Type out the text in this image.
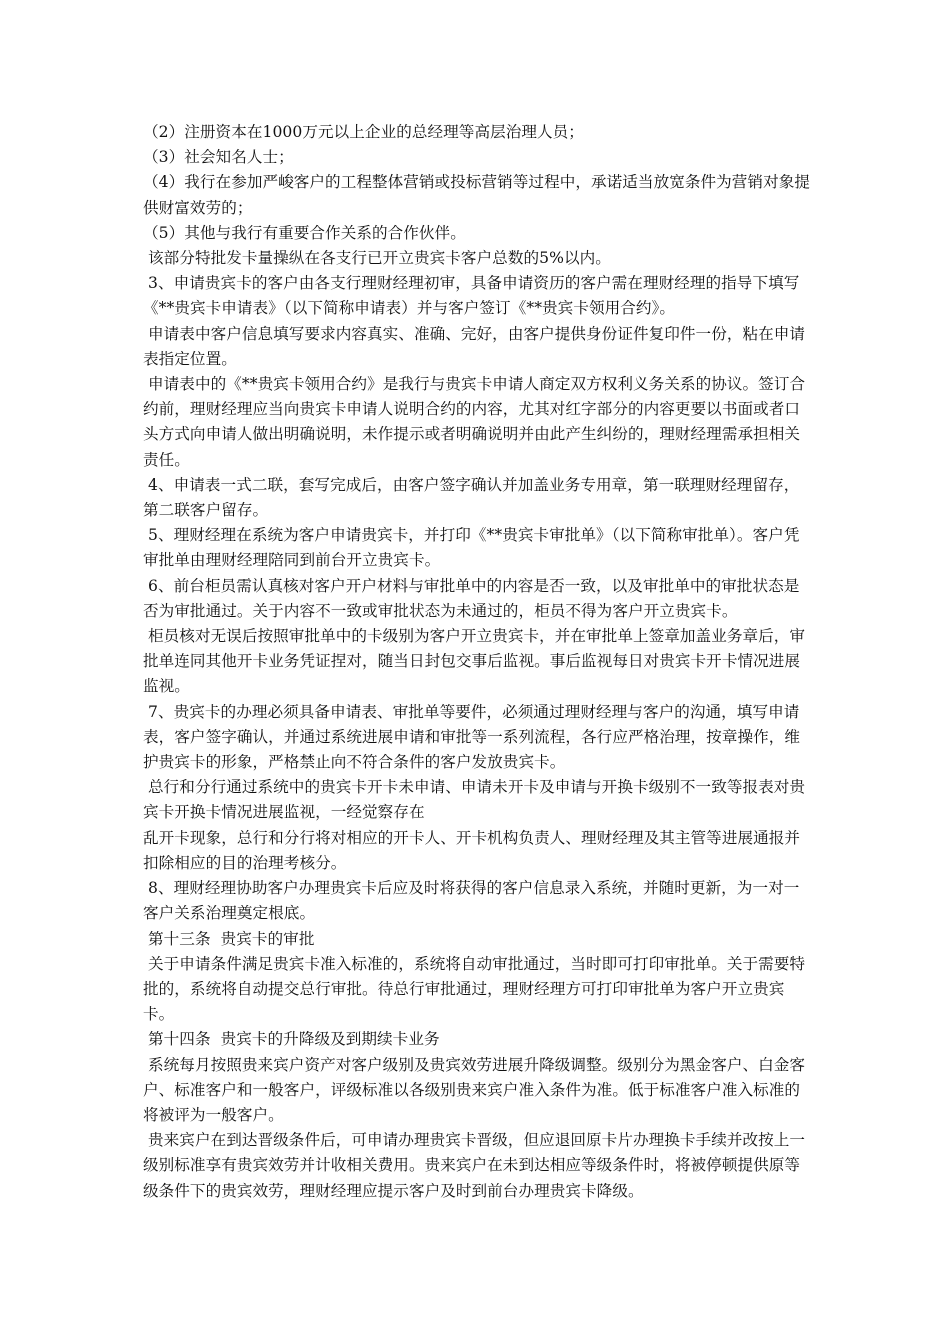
（2）注册资本在1000万元以上企业的总经理等高层治理人员；

（3）社会知名人士；

（4）我行在参加严峻客户的工程整体营销或投标营销等过程中，承诺适当放宽条件为营销对象提供财富效劳的；

（5）其他与我行有重要合作关系的合作伙伴。

该部分特批发卡量操纵在各支行已开立贵宾卡客户总数的5%以内。

3、申请贵宾卡的客户由各支行理财经理初审，具备申请资历的客户需在理财经理的指导下填写《**贵宾卡申请表》（以下简称申请表）并与客户签订《**贵宾卡领用合约》。

申请表中客户信息填写要求内容真实、准确、完好，由客户提供身份证件复印件一份，粘在申请表指定位置。

申请表中的《**贵宾卡领用合约》是我行与贵宾卡申请人商定双方权利义务关系的协议。签订合约前，理财经理应当向贵宾卡申请人说明合约的内容，尤其对红字部分的内容更要以书面或者口头方式向申请人做出明确说明，未作提示或者明确说明并由此产生纠纷的，理财经理需承担相关责任。

4、申请表一式二联，套写完成后，由客户签字确认并加盖业务专用章，第一联理财经理留存，第二联客户留存。

5、理财经理在系统为客户申请贵宾卡，并打印《**贵宾卡审批单》（以下简称审批单）。客户凭审批单由理财经理陪同到前台开立贵宾卡。

6、前台柜员需认真核对客户开户材料与审批单中的内容是否一致，以及审批单中的审批状态是否为审批通过。关于内容不一致或审批状态为未通过的，柜员不得为客户开立贵宾卡。

柜员核对无误后按照审批单中的卡级别为客户开立贵宾卡，并在审批单上签章加盖业务章后，审批单连同其他开卡业务凭证捏对，随当日封包交事后监视。事后监视每日对贵宾卡开卡情况进展监视。

7、贵宾卡的办理必须具备申请表、审批单等要件，必须通过理财经理与客户的沟通，填写申请表，客户签字确认，并通过系统进展申请和审批等一系列流程，各行应严格治理，按章操作，维护贵宾卡的形象，严格禁止向不符合条件的客户发放贵宾卡。

总行和分行通过系统中的贵宾卡开卡未申请、申请未开卡及申请与开换卡级别不一致等报表对贵宾卡开换卡情况进展监视，一经觉察存在

乱开卡现象，总行和分行将对相应的开卡人、开卡机构负责人、理财经理及其主管等进展通报并扣除相应的目的治理考核分。

8、理财经理协助客户办理贵宾卡后应及时将获得的客户信息录入系统，并随时更新，为一对一客户关系治理奠定根底。

第十三条  贵宾卡的审批

关于申请条件满足贵宾卡准入标准的，系统将自动审批通过，当时即可打印审批单。关于需要特批的，系统将自动提交总行审批。待总行审批通过，理财经理方可打印审批单为客户开立贵宾卡。

第十四条  贵宾卡的升降级及到期续卡业务

系统每月按照贵来宾户资产对客户级别及贵宾效劳进展升降级调整。级别分为黑金客户、白金客户、标准客户和一般客户，评级标准以各级别贵来宾户准入条件为准。低于标准客户准入标准的将被评为一般客户。

贵来宾户在到达晋级条件后，可申请办理贵宾卡晋级，但应退回原卡片办理换卡手续并改按上一级别标准享有贵宾效劳并计收相关费用。贵来宾户在未到达相应等级条件时，将被停顿提供原等级条件下的贵宾效劳，理财经理应提示客户及时到前台办理贵宾卡降级。
